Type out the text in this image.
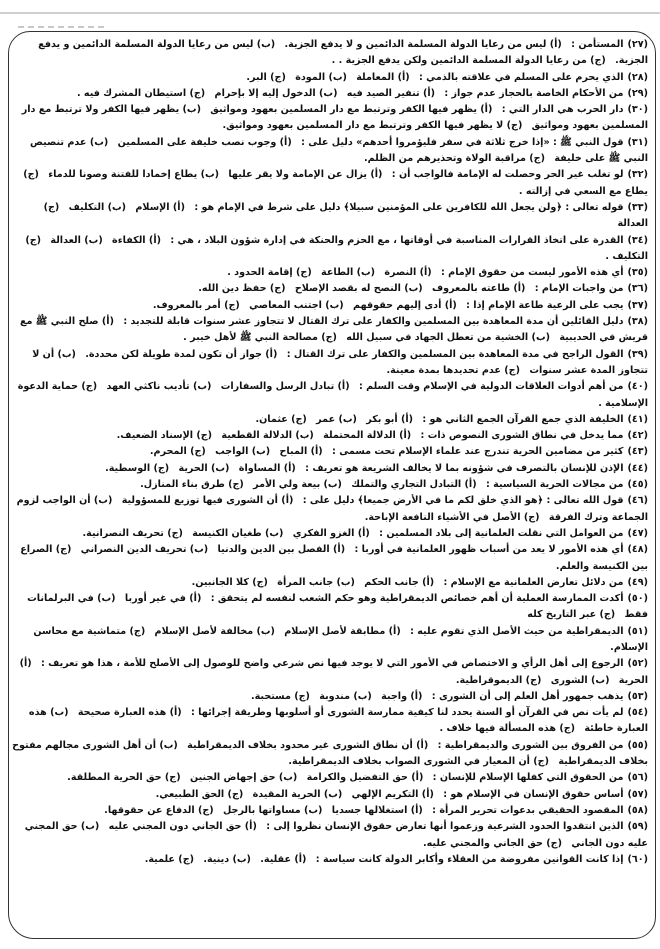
(٢٧)المستأمن : (أ) ليس من رعايا الدولة المسلمة الدائمين و لا يدفع الجزية. (ب) ليس من رعايا الدولة المسلمة الدائمين و يدفع الجزية. (ج) من رعايا الدولة المسلمة الدائمين ولكن يدفع الجزية . .

(٢٨)الذي يحرم على المسلم في علاقته بالذمي : (أ) المعاملة (ب) المودة (ج) البر.

(٢٩)من الأحكام الخاصة بالحجاز عدم جواز : (أ) تنفير الصيد فيه (ب) الدخول إليه إلا بإحرام (ج) استيطان المشرك فيه .

(٣٠)دار الحرب هي الدار التي : (أ) يظهر فيها الكفر وترتبط مع دار المسلمين بعهود ومواثيق (ب) يظهر فيها الكفر ولا ترتبط مع دار المسلمين بعهود ومواثيق (ج) لا يظهر فيها الكفر وترتبط مع دار المسلمين بعهود ومواثيق.

(٣١)قول النبي ﷺ : «إذا خرج ثلاثة في سفر فليؤمروا أحدهم» دليل على : (أ) وجوب نصب خليفة على المسلمين (ب) عدم تنصيص النبي ﷺ على خليفة (ج) مراقبة الولاة وتحذيرهم من الظلم.

(٣٢)لو تغلب غير الحر وحصلت له الإمامة فالواجب أن : (أ) يزال عن الإمامة ولا يقر عليها (ب) يطاع إخمادا للفتنة وصونا للدماء (ج) يطاع مع السعي في إزالته .

(٣٣)قوله تعالى : ﴿ولن يجعل الله للكافرين على المؤمنين سبيلا﴾ دليل على شرط في الإمام هو : (أ) الإسلام (ب) التكليف (ج) العدالة

(٣٤)القدرة على اتخاذ القرارات المناسبة في أوقاتها ، مع الحزم والحنكة في إدارة شؤون البلاد ، هي : (أ) الكفاءة (ب) العدالة (ج) التكليف .

(٣٥)أي هذه الأمور ليست من حقوق الإمام : (أ) النصرة (ب) الطاعة (ج) إقامة الحدود .

(٣٦)من واجبات الإمام : (أ) طاعته بالمعروف (ب) النصح له بقصد الإصلاح (ج) حفظ دين الله.

(٣٧)يجب على الرعية طاعة الإمام إذا : (أ) أدى إليهم حقوقهم (ب) اجتنب المعاصي (ج) أمر بالمعروف.

(٣٨)دليل القائلين أن مدة المعاهدة بين المسلمين والكفار على ترك القتال لا تتجاوز عشر سنوات قابلة للتجديد : (أ) صلح النبي ﷺ مع قريش في الحديبية (ب) الخشية من تعطل الجهاد في سبيل الله (ج) مصالحة النبي ﷺ لأهل خيبر .

(٣٩)القول الراجح في مدة المعاهدة بين المسلمين والكفار على ترك القتال : (أ) جواز أن تكون لمدة طويلة لكن محددة. (ب) أن لا تتجاوز المدة عشر سنوات (ج) عدم تحديدها بمدة معينة.

(٤٠)من أهم أدوات العلاقات الدولية في الإسلام وقت السلم : (أ) تبادل الرسل والسفارات (ب) تأديب ناكثي العهد (ج) حماية الدعوة الإسلامية .

(٤١)الخليفة الذي جمع القرآن الجمع الثاني هو : (أ) أبو بكر (ب) عمر (ج) عثمان.

(٤٢)مما يدخل في نطاق الشورى النصوص ذات : (أ) الدلالة المحتملة (ب) الدلالة القطعية (ج) الإسناد الضعيف.

(٤٣)كثير من مضامين الحرية تندرج عند علماء الإسلام تحت مسمى : (أ) المباح (ب) الواجب (ج) المحرم.

(٤٤)الإذن للإنسان بالتصرف في شؤونه بما لا يخالف الشريعة هو تعريف : (أ) المساواة (ب) الحرية (ج) الوسطية.

(٤٥)من مجالات الحرية السياسية : (أ) التبادل التجاري والتملك (ب) بيعة ولي الأمر (ج) طرق بناء المنازل.

(٤٦)قول الله تعالى : ﴿هو الذي خلق لكم ما في الأرض جميعا﴾ دليل على : (أ) أن الشورى فيها توزيع للمسؤولية (ب) أن الواجب لزوم الجماعة وترك الفرقة (ج) الأصل في الأشياء النافعة الإباحة.

(٤٧)من العوامل التي نقلت العلمانية إلى بلاد المسلمين : (أ) الغزو الفكري (ب) طغيان الكنيسة (ج) تحريف النصرانية.

(٤٨)أي هذه الأمور لا يعد من أسباب ظهور العلمانية في أوربا : (أ) الفصل بين الدين والدنيا (ب) تحريف الدين النصراني (ج) الصراع بين الكنيسة والعلم.

(٤٩)من دلائل تعارض العلمانية مع الإسلام : (أ) جانب الحكم (ب) جانب المرأة (ج) كلا الجانبين.

(٥٠)أكدت الممارسة العملية أن أهم خصائص الديمقراطية وهو حكم الشعب لنفسه لم يتحقق : (أ) في غير أوربا (ب) في البرلمانات فقط (ج) عبر التاريخ كله

(٥١)الديمقراطية من حيث الأصل الذي تقوم عليه : (أ) مطابقة لأصل الإسلام (ب) مخالفة لأصل الإسلام (ج) متماشية مع محاسن الإسلام.

(٥٢)الرجوع إلى أهل الرأي و الاختصاص في الأمور التي لا يوجد فيها نص شرعي واضح للوصول إلى الأصلح للأمة ، هذا هو تعريف : (أ) الحرية (ب) الشورى (ج) الديموقراطية.

(٥٣)يذهب جمهور أهل العلم إلى أن الشورى : (أ) واجبة (ب) مندوبة (ج) مستحبة.

(٥٤)لم يأت نص في القرآن أو السنة يحدد لنا كيفية ممارسة الشورى أو أسلوبها وطريقة إجرائها : (أ) هذه العبارة صحيحة (ب) هذه العبارة خاطئة (ج) هذه المسألة فيها خلاف .

(٥٥)من الفروق بين الشورى والديمقراطية : (أ) أن نطاق الشورى غير محدود بخلاف الديمقراطية (ب) أن أهل الشورى مجالهم مفتوح بخلاف الديمقراطية (ج) أن المعيار في الشورى الصواب بخلاف الديمقراطية.

(٥٦)من الحقوق التي كفلها الإسلام للإنسان : (أ) حق التفضيل والكرامة (ب) حق إجهاض الجنين (ج) حق الحرية المطلقة.

(٥٧)أساس حقوق الإنسان في الإسلام هو : (أ) التكريم الإلهي (ب) الحرية المقيدة (ج) الحق الطبيعي.

(٥٨)المقصود الحقيقي بدعوات تحرير المرأة : (أ) استغلالها جسديا (ب) مساواتها بالرجل (ج) الدفاع عن حقوقها.

(٥٩)الذين انتقدوا الحدود الشرعية وزعموا أنها تعارض حقوق الإنسان نظروا إلى : (أ) حق الجاني دون المجني عليه (ب) حق المجني عليه دون الجاني (ج) حق الجاني والمجني عليه.

(٦٠)إذا كانت القوانين مفروضة من العقلاء وأكابر الدولة كانت سياسة : (أ) عقلية. (ب) دينية. (ج) علمية.
